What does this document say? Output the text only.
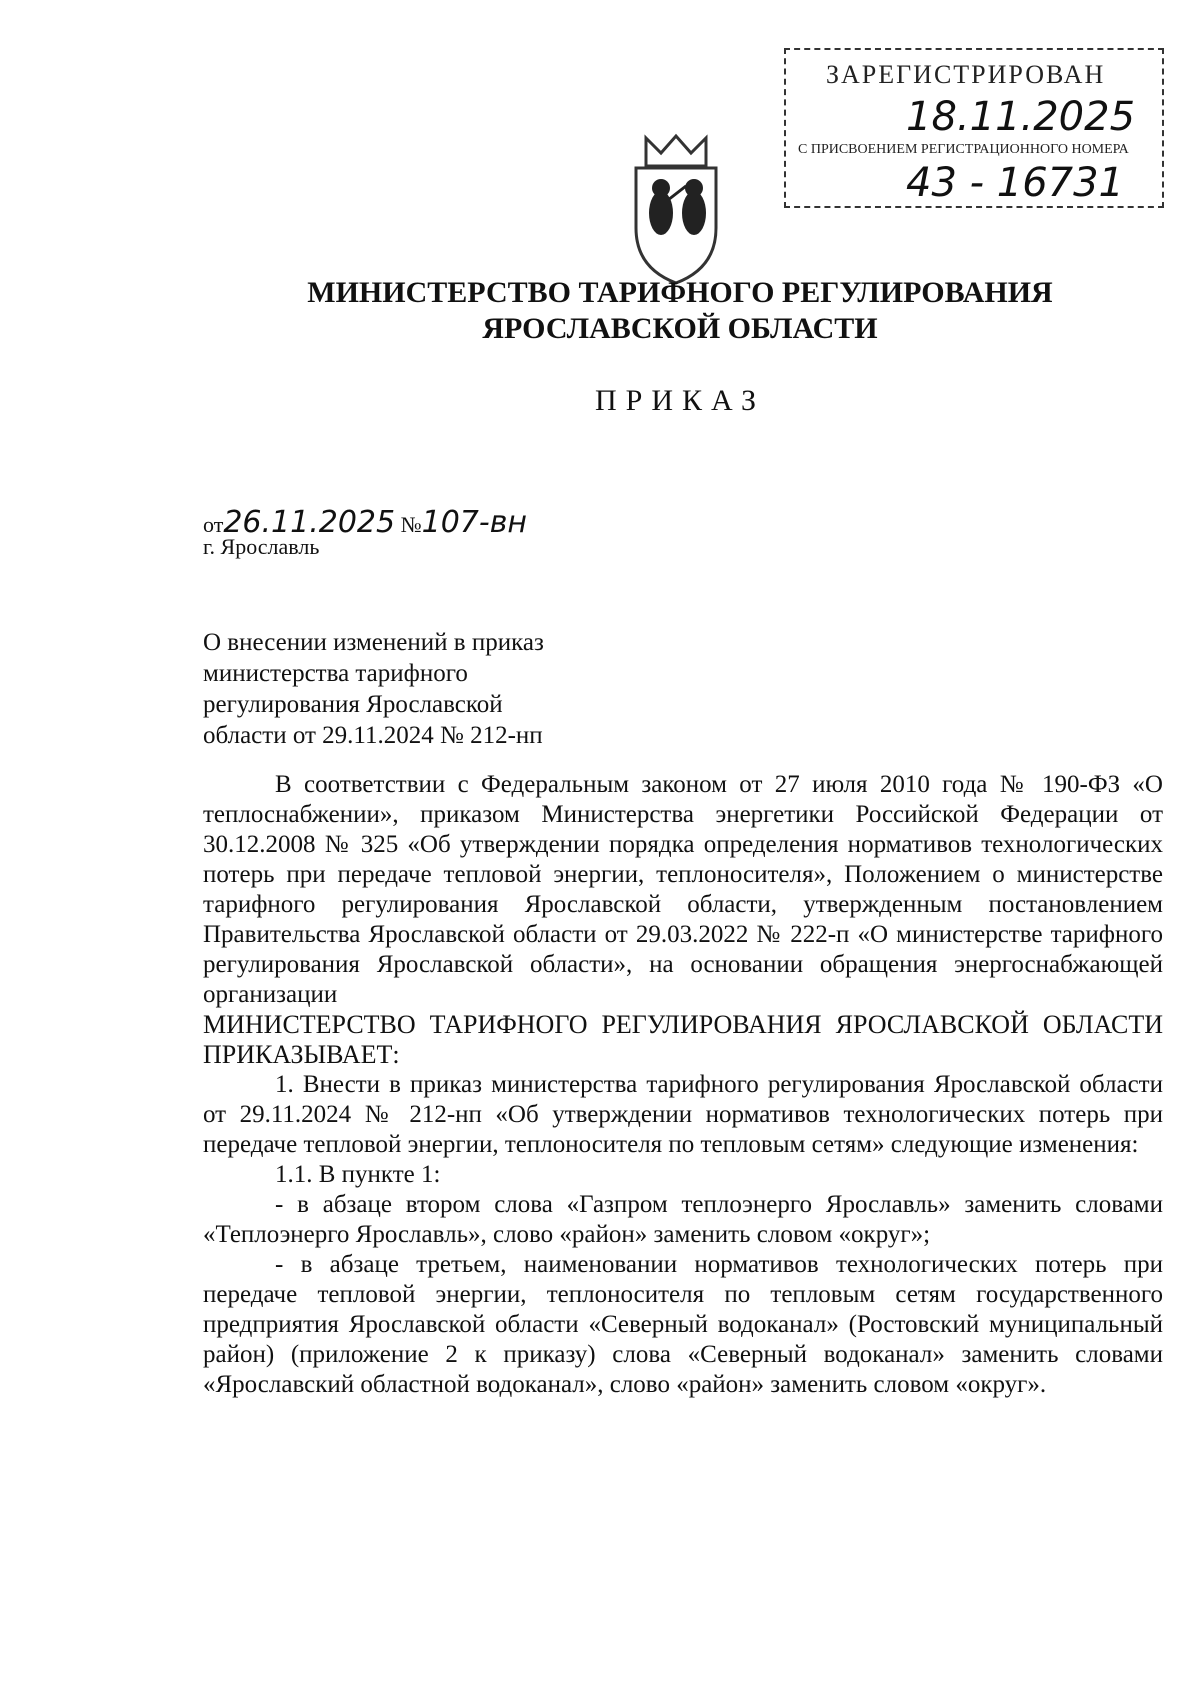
ЗАРЕГИСТРИРОВАН
18.11.2025
С ПРИСВОЕНИЕМ РЕГИСТРАЦИОННОГО НОМЕРА
43 - 16731
МИНИСТЕРСТВО ТАРИФНОГО РЕГУЛИРОВАНИЯ
ЯРОСЛАВСКОЙ ОБЛАСТИ
ПРИКАЗ
от26.11.2025 №107-вн
г. Ярославль
О внесении изменений в приказ
министерства тарифного
регулирования Ярославской
области от 29.11.2024 № 212-нп

В соответствии с Федеральным законом от 27 июля 2010 года № 190-ФЗ «О теплоснабжении», приказом Министерства энергетики Российской Федерации от 30.12.2008 № 325 «Об утверждении порядка определения нормативов технологических потерь при передаче тепловой энергии, теплоносителя», Положением о министерстве тарифного регулирования Ярославской области, утвержденным постановлением Правительства Ярославской области от 29.03.2022 № 222-п «О министерстве тарифного регулирования Ярославской области», на основании обращения энергоснабжающей организации

МИНИСТЕРСТВО ТАРИФНОГО РЕГУЛИРОВАНИЯ ЯРОСЛАВСКОЙ ОБЛАСТИ ПРИКАЗЫВАЕТ:

1. Внести в приказ министерства тарифного регулирования Ярославской области от 29.11.2024 № 212-нп «Об утверждении нормативов технологических потерь при передаче тепловой энергии, теплоносителя по тепловым сетям» следующие изменения:

1.1. В пункте 1:

- в абзаце втором слова «Газпром теплоэнерго Ярославль» заменить словами «Теплоэнерго Ярославль», слово «район» заменить словом «округ»;

- в абзаце третьем, наименовании нормативов технологических потерь при передаче тепловой энергии, теплоносителя по тепловым сетям государственного предприятия Ярославской области «Северный водоканал» (Ростовский муниципальный район) (приложение 2 к приказу) слова «Северный водоканал» заменить словами «Ярославский областной водоканал», слово «район» заменить словом «округ».
